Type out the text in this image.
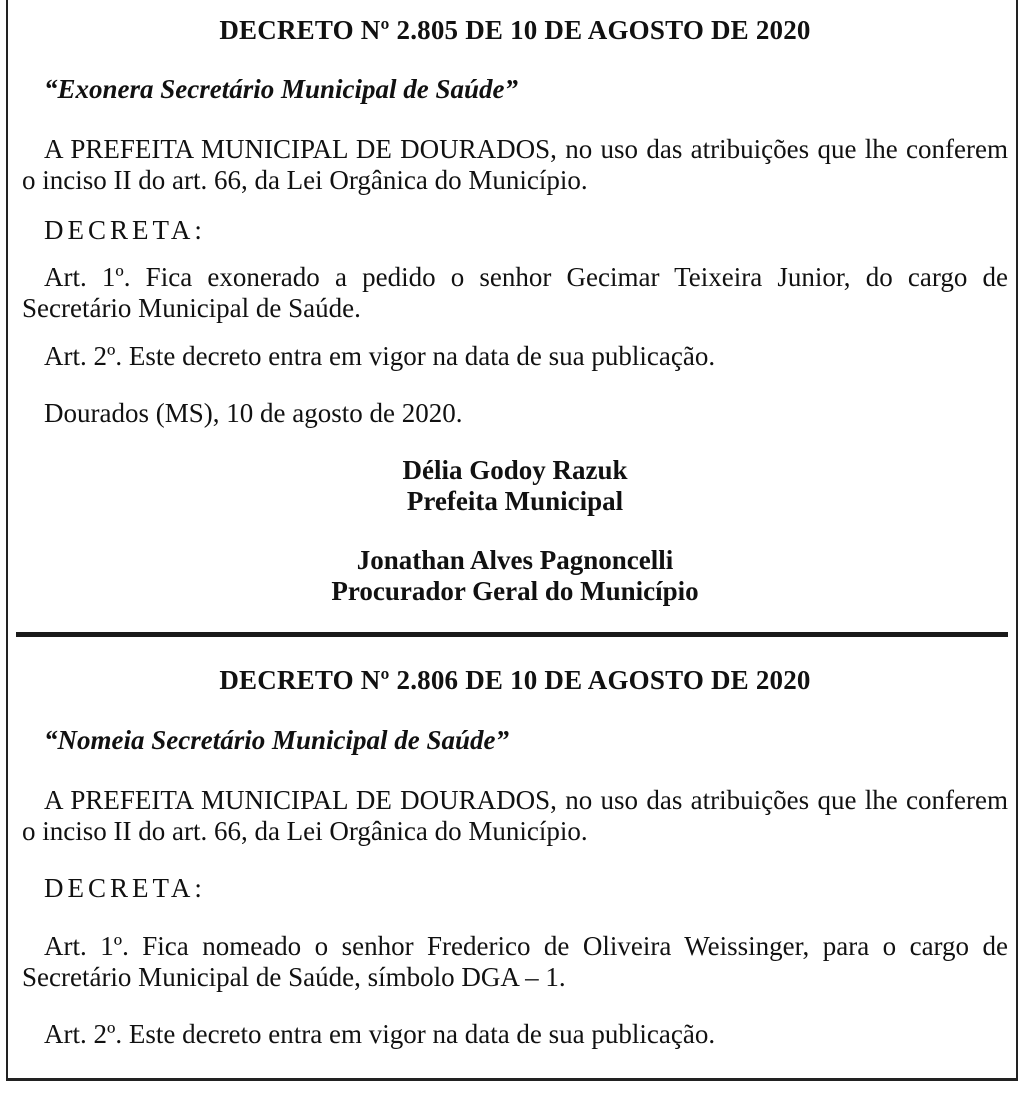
DECRETO Nº 2.805 DE 10 DE AGOSTO DE 2020

“Exonera Secretário Municipal de Saúde”

A PREFEITA MUNICIPAL DE DOURADOS, no uso das atribuições que lhe conferem o inciso II do art. 66, da Lei Orgânica do Município.

DECRETA:

Art. 1º. Fica exonerado a pedido o senhor Gecimar Teixeira Junior, do cargo de Secretário Municipal de Saúde.

Art. 2º. Este decreto entra em vigor na data de sua publicação.

Dourados (MS), 10 de agosto de 2020.

Délia Godoy Razuk

Prefeita Municipal

Jonathan Alves Pagnoncelli

Procurador Geral do Município

DECRETO Nº 2.806 DE 10 DE AGOSTO DE 2020

“Nomeia Secretário Municipal de Saúde”

A PREFEITA MUNICIPAL DE DOURADOS, no uso das atribuições que lhe conferem o inciso II do art. 66, da Lei Orgânica do Município.

DECRETA:

Art. 1º. Fica nomeado o senhor Frederico de Oliveira Weissinger, para o cargo de Secretário Municipal de Saúde, símbolo DGA – 1.

Art. 2º. Este decreto entra em vigor na data de sua publicação.
